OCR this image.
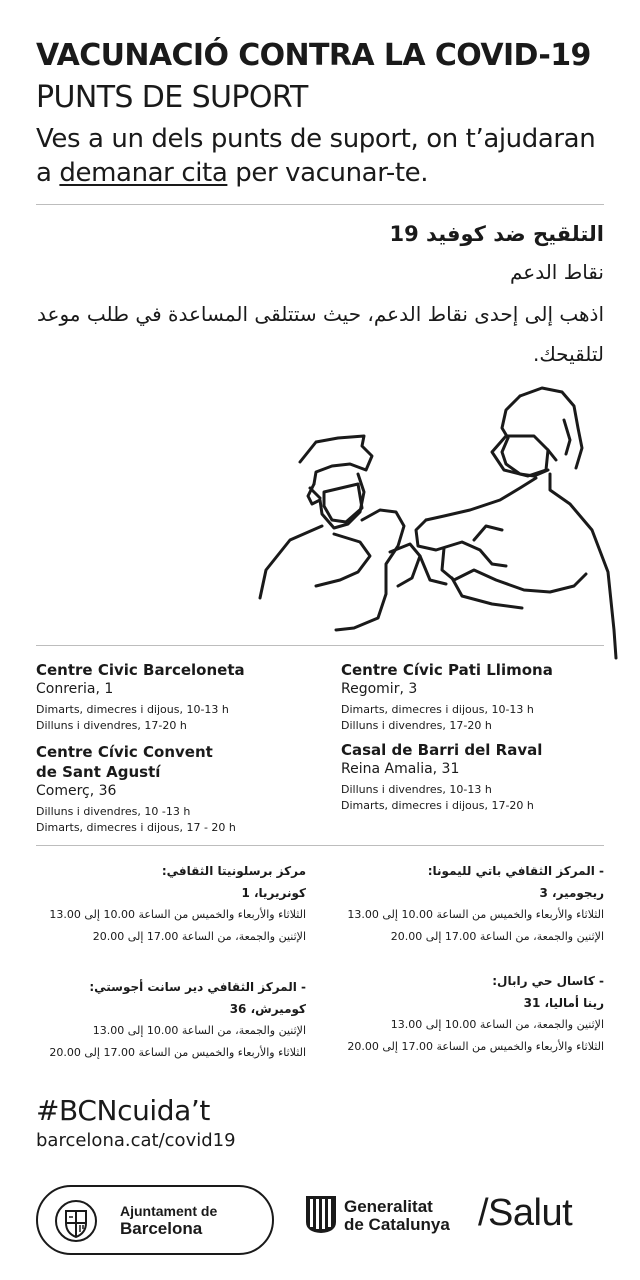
VACUNACIÓ CONTRA LA COVID-19
PUNTS DE SUPORT
Ves a un dels punts de suport, on t’ajudaran a demanar cita per vacunar-te.
التلقيح ضد كوفيد 19
نقاط الدعم
اذهب إلى إحدى نقاط الدعم، حيث ستتلقى المساعدة في طلب موعد لتلقيحك.
Centre Civic Barceloneta
Conreria, 1
Dimarts, dimecres i dijous, 10-13 h
Dilluns i divendres, 17-20 h
Centre Cívic Convent
de Sant Agustí
Comerç, 36
Dilluns i divendres, 10 -13 h
Dimarts, dimecres i dijous, 17 - 20 h
Centre Cívic Pati Llimona
Regomir, 3
Dimarts, dimecres i dijous, 10-13 h
Dilluns i divendres, 17-20 h
Casal de Barri del Raval
Reina Amalia, 31
Dilluns i divendres, 10-13 h
Dimarts, dimecres i dijous, 17-20 h
مركز برسلونيتا الثقافي:
كونريريا، 1
الثلاثاء والأربعاء والخميس من الساعة 10.00 إلى 13.00
الإثنين والجمعة، من الساعة 17.00 إلى 20.00
- المركز الثقافي دير سانت أجوستي:
كوميرش، 36
الإثنين والجمعة، من الساعة 10.00 إلى 13.00
الثلاثاء والأربعاء والخميس من الساعة 17.00 إلى 20.00
- المركز الثقافي باتي لليمونا:
ريجومير، 3
الثلاثاء والأربعاء والخميس من الساعة 10.00 إلى 13.00
الإثنين والجمعة، من الساعة 17.00 إلى 20.00
- كاسال حي رابال:
رينا أماليا، 31
الإثنين والجمعة، من الساعة 10.00 إلى 13.00
الثلاثاء والأربعاء والخميس من الساعة 17.00 إلى 20.00
#BCNcuida’t
barcelona.cat/covid19
Ajuntament de
Barcelona
Generalitat
de Catalunya /Salut
